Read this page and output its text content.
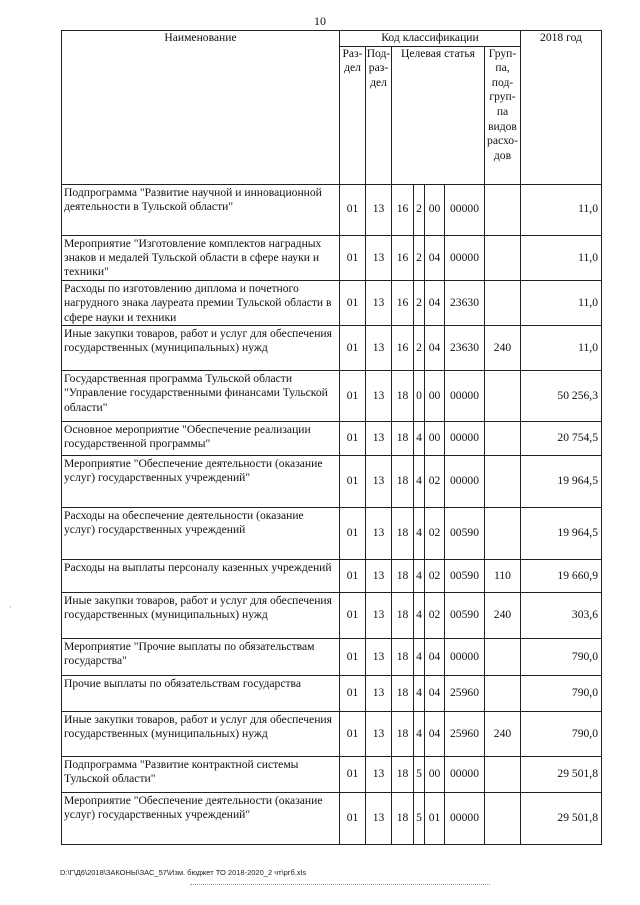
10
Наименование	Код классификации							2018 год
	Раз-дел	Под-раз-дел	Целевая статья				Груп-па, под-груп-па видов расхо-дов	
Подпрограмма "Развитие научной и инновационной деятельности в Тульской области"	01	13	16	2	00	00000		11,0
Мероприятие "Изготовление комплектов наградных знаков и медалей Тульской области в сфере науки и техники"	01	13	16	2	04	00000		11,0
Расходы по изготовлению диплома и почетного нагрудного знака лауреата премии Тульской области в сфере науки и техники	01	13	16	2	04	23630		11,0
Иные закупки товаров, работ и услуг для обеспечения государственных (муниципальных) нужд	01	13	16	2	04	23630	240	11,0
Государственная программа Тульской области "Управление государственными финансами Тульской области"	01	13	18	0	00	00000		50 256,3
Основное мероприятие "Обеспечение реализации государственной программы"	01	13	18	4	00	00000		20 754,5
Мероприятие "Обеспечение деятельности (оказание услуг) государственных учреждений"	01	13	18	4	02	00000		19 964,5
Расходы на обеспечение деятельности (оказание услуг) государственных учреждений	01	13	18	4	02	00590		19 964,5
Расходы на выплаты персоналу казенных учреждений	01	13	18	4	02	00590	110	19 660,9
Иные закупки товаров, работ и услуг для обеспечения государственных (муниципальных) нужд	01	13	18	4	02	00590	240	303,6
Мероприятие "Прочие выплаты по обязательствам государства"	01	13	18	4	04	00000		790,0
Прочие выплаты по обязательствам государства	01	13	18	4	04	25960		790,0
Иные закупки товаров, работ и услуг для обеспечения государственных (муниципальных) нужд	01	13	18	4	04	25960	240	790,0
Подпрограмма "Развитие контрактной системы Тульской области"	01	13	18	5	00	00000		29 501,8
Мероприятие "Обеспечение деятельности (оказание услуг) государственных учреждений"	01	13	18	5	01	00000		29 501,8
·
D:\Г\Д6\2018\ЗАКОНЫ\ЗАС_57\Изм. бюджет ТО 2018-2020_2 чт\ргб.xls
